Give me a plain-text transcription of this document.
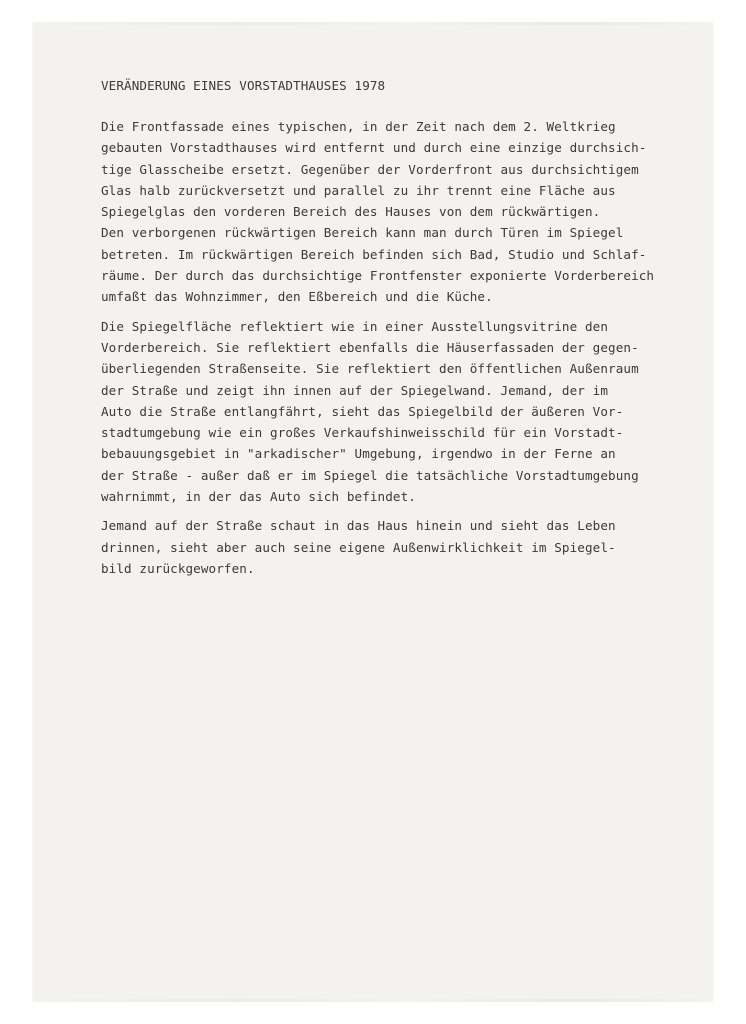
VERÄNDERUNG EINES VORSTADTHAUSES 1978
Die Frontfassade eines typischen, in der Zeit nach dem 2. Weltkrieg
gebauten Vorstadthauses wird entfernt und durch eine einzige durchsich-
tige Glasscheibe ersetzt. Gegenüber der Vorderfront aus durchsichtigem
Glas halb zurückversetzt und parallel zu ihr trennt eine Fläche aus
Spiegelglas den vorderen Bereich des Hauses von dem rückwärtigen.
Den verborgenen rückwärtigen Bereich kann man durch Türen im Spiegel
betreten. Im rückwärtigen Bereich befinden sich Bad, Studio und Schlaf-
räume. Der durch das durchsichtige Frontfenster exponierte Vorderbereich
umfaßt das Wohnzimmer, den Eßbereich und die Küche.
Die Spiegelfläche reflektiert wie in einer Ausstellungsvitrine den
Vorderbereich. Sie reflektiert ebenfalls die Häuserfassaden der gegen-
überliegenden Straßenseite. Sie reflektiert den öffentlichen Außenraum
der Straße und zeigt ihn innen auf der Spiegelwand. Jemand, der im
Auto die Straße entlangfährt, sieht das Spiegelbild der äußeren Vor-
stadtumgebung wie ein großes Verkaufshinweisschild für ein Vorstadt-
bebauungsgebiet in "arkadischer" Umgebung, irgendwo in der Ferne an
der Straße - außer daß er im Spiegel die tatsächliche Vorstadtumgebung
wahrnimmt, in der das Auto sich befindet.
Jemand auf der Straße schaut in das Haus hinein und sieht das Leben
drinnen, sieht aber auch seine eigene Außenwirklichkeit im Spiegel-
bild zurückgeworfen.
